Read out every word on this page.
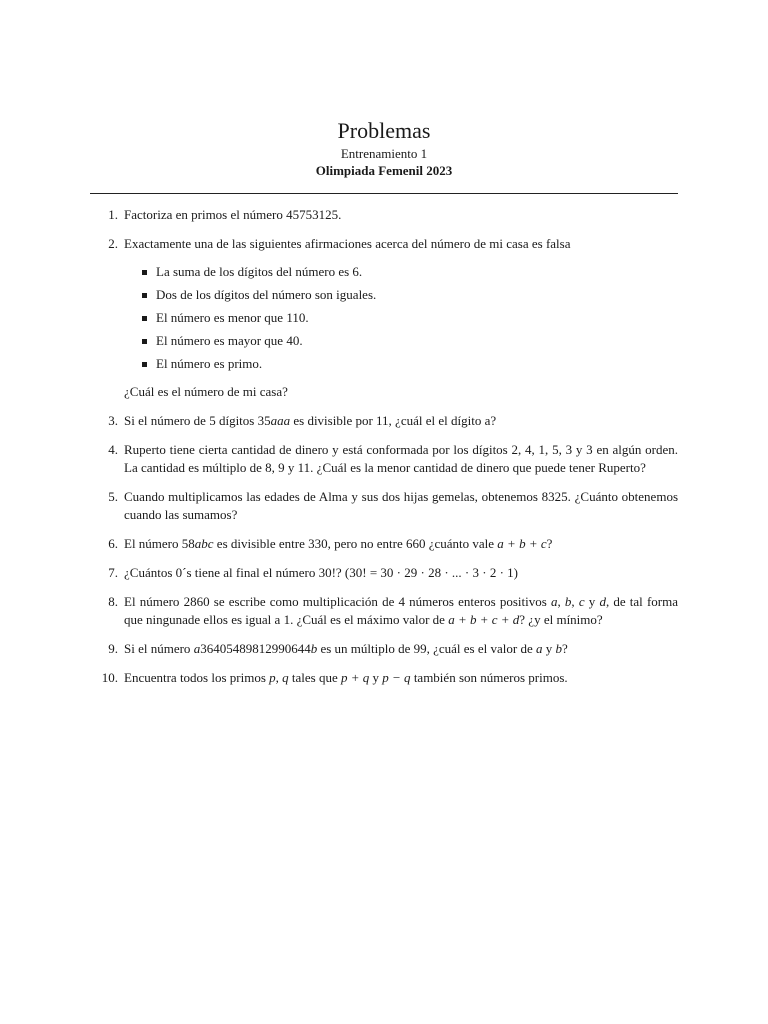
Problemas
Entrenamiento 1
Olimpiada Femenil 2023
1. Factoriza en primos el número 45753125.
2. Exactamente una de las siguientes afirmaciones acerca del número de mi casa es falsa
La suma de los dígitos del número es 6.
Dos de los dígitos del número son iguales.
El número es menor que 110.
El número es mayor que 40.
El número es primo.
¿Cuál es el número de mi casa?
3. Si el número de 5 dígitos 35aaa es divisible por 11, ¿cuál el el dígito a?
4. Ruperto tiene cierta cantidad de dinero y está conformada por los dígitos 2, 4, 1, 5, 3 y 3 en algún orden. La cantidad es múltiplo de 8, 9 y 11. ¿Cuál es la menor cantidad de dinero que puede tener Ruperto?
5. Cuando multiplicamos las edades de Alma y sus dos hijas gemelas, obtenemos 8325. ¿Cuánto obtenemos cuando las sumamos?
6. El número 58abc es divisible entre 330, pero no entre 660 ¿cuánto vale a + b + c?
7. ¿Cuántos 0´s tiene al final el número 30!? (30! = 30 · 29 · 28 · ... · 3 · 2 · 1)
8. El número 2860 se escribe como multiplicación de 4 números enteros positivos a, b, c y d, de tal forma que ningunade ellos es igual a 1. ¿Cuál es el máximo valor de a + b + c + d? ¿y el mínimo?
9. Si el número a36405489812990644b es un múltiplo de 99, ¿cuál es el valor de a y b?
10. Encuentra todos los primos p, q tales que p + q y p − q también son números primos.
